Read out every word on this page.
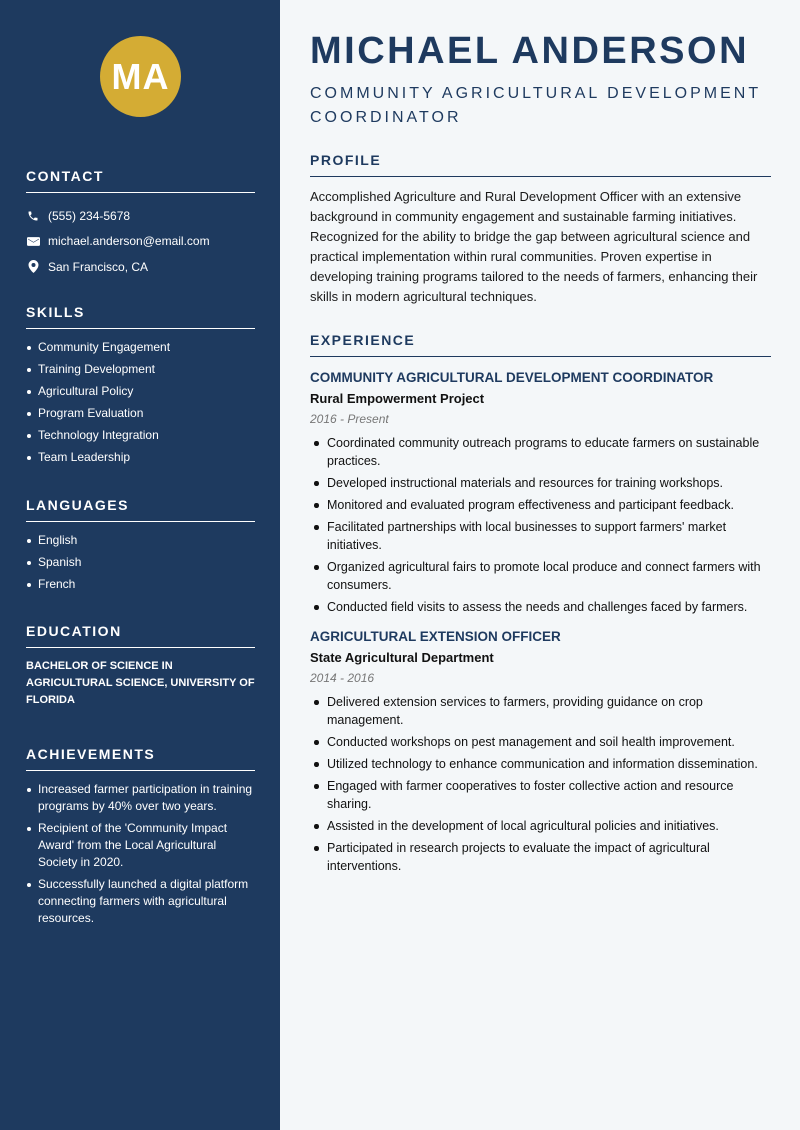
MA
CONTACT
(555) 234-5678
michael.anderson@email.com
San Francisco, CA
SKILLS
Community Engagement
Training Development
Agricultural Policy
Program Evaluation
Technology Integration
Team Leadership
LANGUAGES
English
Spanish
French
EDUCATION
BACHELOR OF SCIENCE IN AGRICULTURAL SCIENCE, UNIVERSITY OF FLORIDA
ACHIEVEMENTS
Increased farmer participation in training programs by 40% over two years.
Recipient of the 'Community Impact Award' from the Local Agricultural Society in 2020.
Successfully launched a digital platform connecting farmers with agricultural resources.
MICHAEL ANDERSON
COMMUNITY AGRICULTURAL DEVELOPMENT COORDINATOR
PROFILE
Accomplished Agriculture and Rural Development Officer with an extensive background in community engagement and sustainable farming initiatives. Recognized for the ability to bridge the gap between agricultural science and practical implementation within rural communities. Proven expertise in developing training programs tailored to the needs of farmers, enhancing their skills in modern agricultural techniques.
EXPERIENCE
COMMUNITY AGRICULTURAL DEVELOPMENT COORDINATOR
Rural Empowerment Project
2016 - Present
Coordinated community outreach programs to educate farmers on sustainable practices.
Developed instructional materials and resources for training workshops.
Monitored and evaluated program effectiveness and participant feedback.
Facilitated partnerships with local businesses to support farmers' market initiatives.
Organized agricultural fairs to promote local produce and connect farmers with consumers.
Conducted field visits to assess the needs and challenges faced by farmers.
AGRICULTURAL EXTENSION OFFICER
State Agricultural Department
2014 - 2016
Delivered extension services to farmers, providing guidance on crop management.
Conducted workshops on pest management and soil health improvement.
Utilized technology to enhance communication and information dissemination.
Engaged with farmer cooperatives to foster collective action and resource sharing.
Assisted in the development of local agricultural policies and initiatives.
Participated in research projects to evaluate the impact of agricultural interventions.
